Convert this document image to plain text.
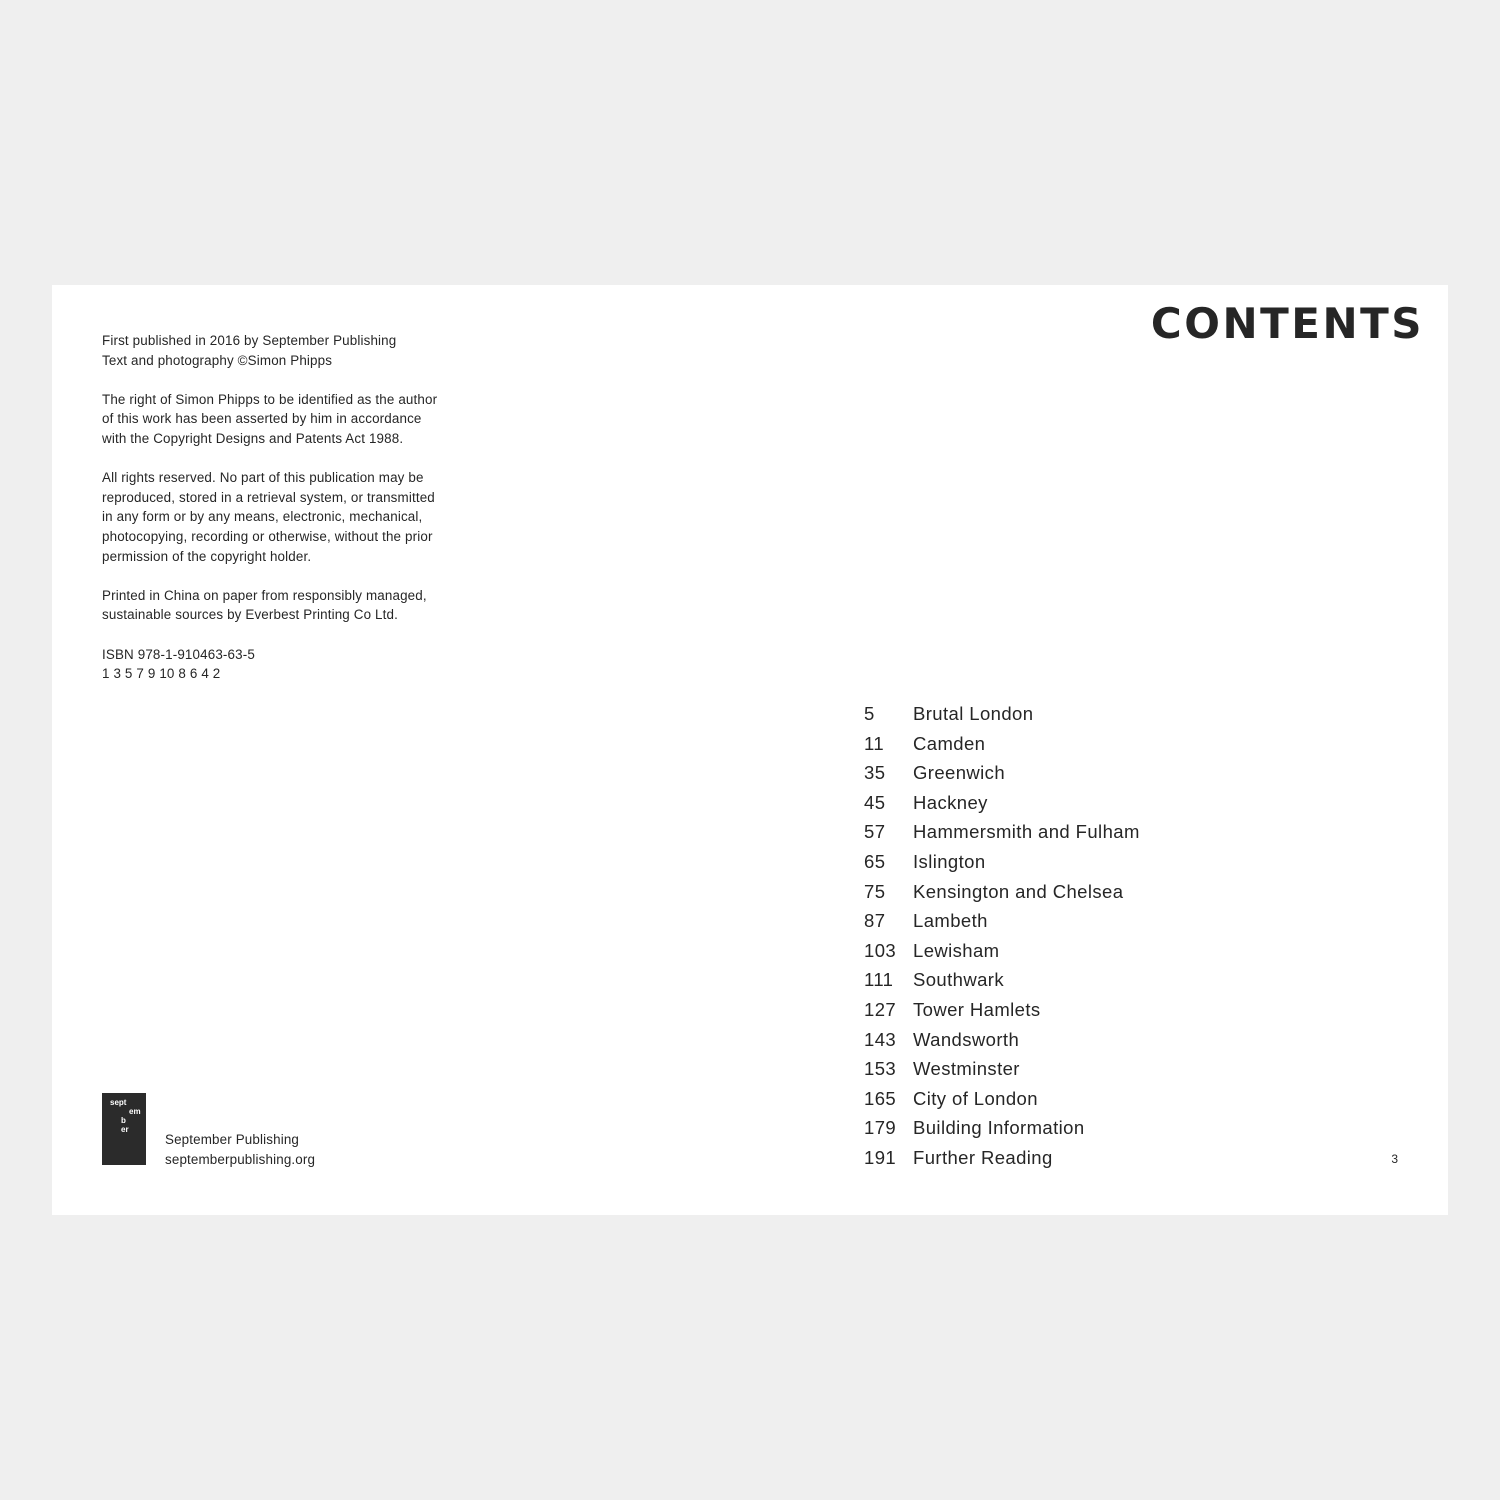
First published in 2016 by September Publishing
Text and photography ©Simon Phipps

The right of Simon Phipps to be identified as the author
of this work has been asserted by him in accordance
with the Copyright Designs and Patents Act 1988.

All rights reserved. No part of this publication may be
reproduced, stored in a retrieval system, or transmitted
in any form or by any means, electronic, mechanical,
photocopying, recording or otherwise, without the prior
permission of the copyright holder.

Printed in China on paper from responsibly managed,
sustainable sources by Everbest Printing Co Ltd.

ISBN 978-1-910463-63-5
1 3 5 7 9 10 8 6 4 2

sept
em
b
er
September Publishing
septemberpublishing.org
CONTENTS
5 Brutal London
11 Camden
35 Greenwich
45 Hackney
57 Hammersmith and Fulham
65 Islington
75 Kensington and Chelsea
87 Lambeth
103 Lewisham
111 Southwark
127 Tower Hamlets
143 Wandsworth
153 Westminster
165 City of London
179 Building Information
191 Further Reading	3
